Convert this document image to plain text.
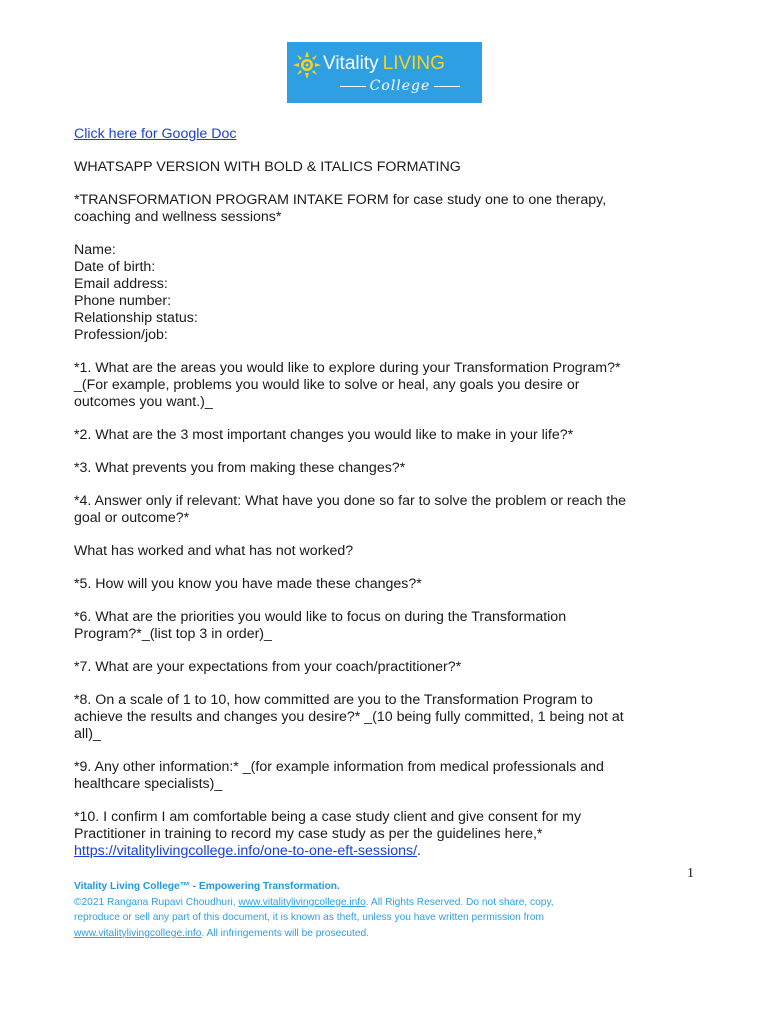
Vitality LIVING
College

Click here for Google Doc

WHATSAPP VERSION WITH BOLD & ITALICS FORMATING

*TRANSFORMATION PROGRAM INTAKE FORM for case study one to one therapy,
coaching and wellness sessions*

Name:
Date of birth:
Email address:
Phone number:
Relationship status:
Profession/job:

*1. What are the areas you would like to explore during your Transformation Program?*
_(For example, problems you would like to solve or heal, any goals you desire or
outcomes you want.)_

*2. What are the 3 most important changes you would like to make in your life?*

*3. What prevents you from making these changes?*

*4. Answer only if relevant: What have you done so far to solve the problem or reach the
goal or outcome?*

What has worked and what has not worked?

*5. How will you know you have made these changes?*

*6. What are the priorities you would like to focus on during the Transformation
Program?*_(list top 3 in order)_

*7. What are your expectations from your coach/practitioner?*

*8. On a scale of 1 to 10, how committed are you to the Transformation Program to
achieve the results and changes you desire?* _(10 being fully committed, 1 being not at
all)_

*9. Any other information:* _(for example information from medical professionals and
healthcare specialists)_

*10. I confirm I am comfortable being a case study client and give consent for my
Practitioner in training to record my case study as per the guidelines here,*
https://vitalitylivingcollege.info/one-to-one-eft-sessions/.

1
Vitality Living College™ - Empowering Transformation.
©2021 Rangana Rupavi Choudhuri, www.vitalitylivingcollege.info. All Rights Reserved. Do not share, copy,
reproduce or sell any part of this document, it is known as theft, unless you have written permission from
www.vitalitylivingcollege.info. All infringements will be prosecuted.
